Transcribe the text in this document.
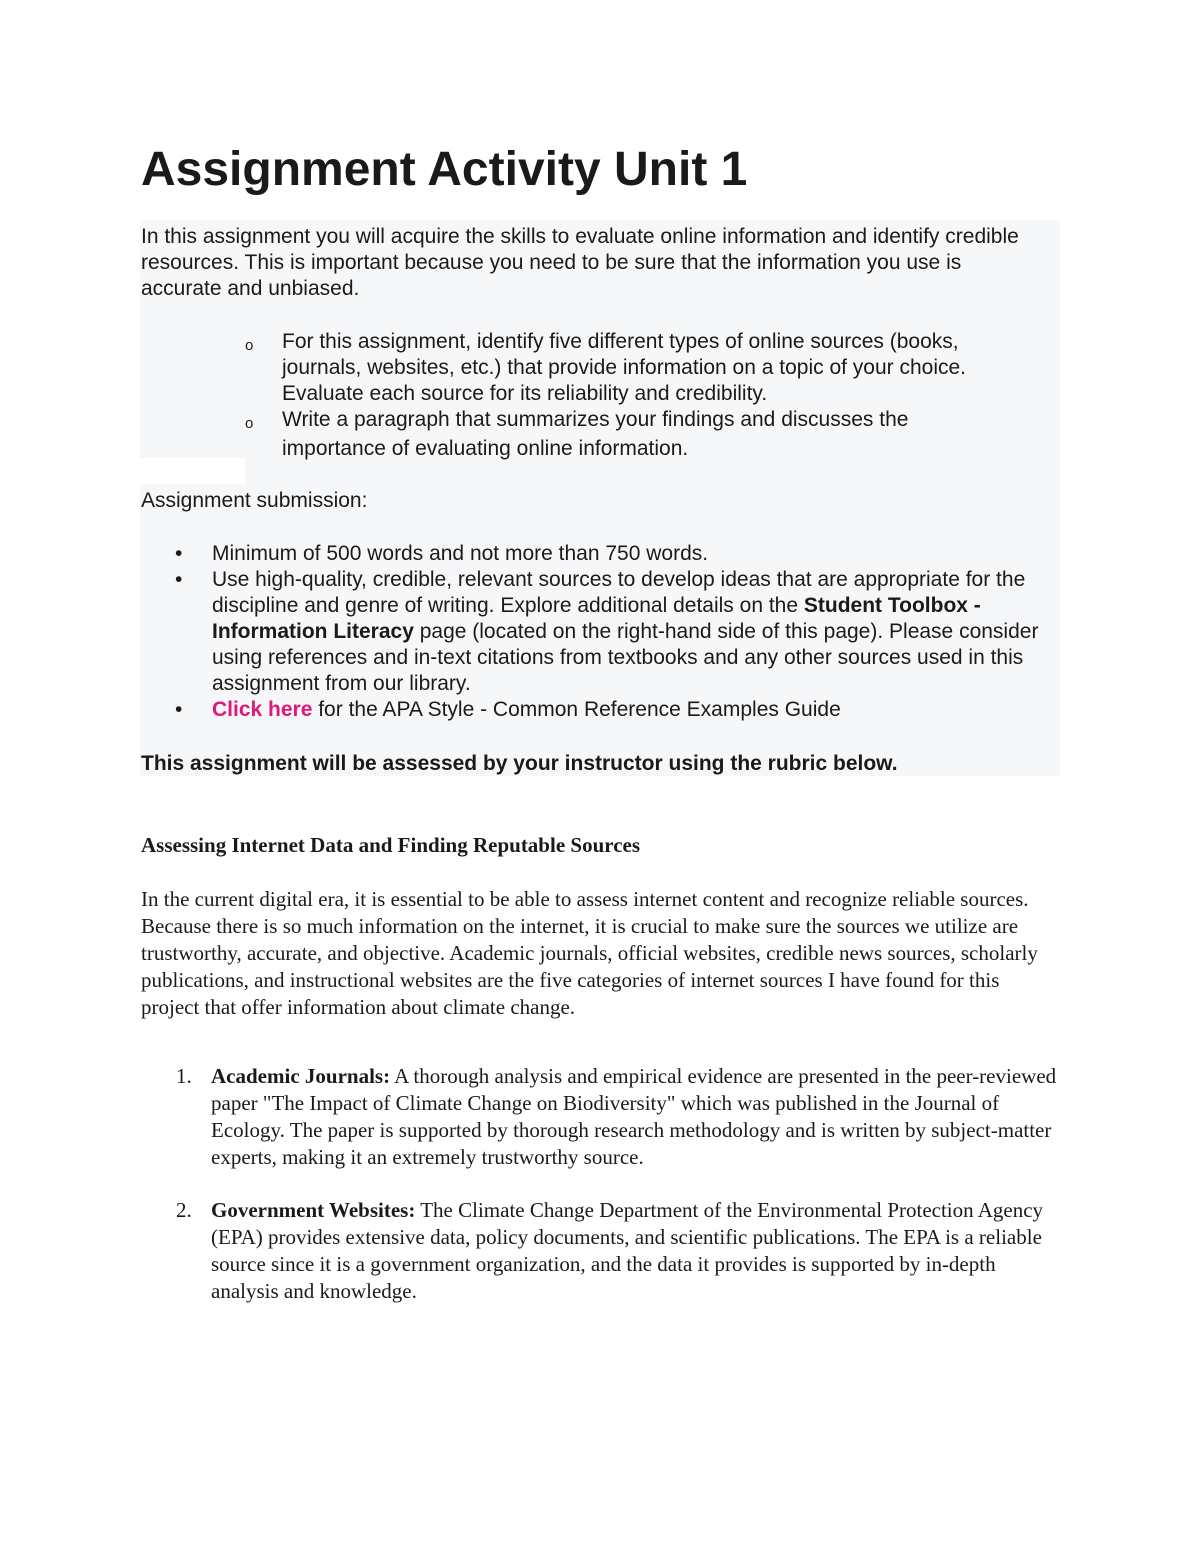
Assignment Activity Unit 1

In this assignment you will acquire the skills to evaluate online information and identify credible resources. This is important because you need to be sure that the information you use is accurate and unbiased.

o For this assignment, identify five different types of online sources (books, journals, websites, etc.) that provide information on a topic of your choice. Evaluate each source for its reliability and credibility.
o Write a paragraph that summarizes your findings and discusses the
importance of evaluating online information.

Assignment submission:

• Minimum of 500 words and not more than 750 words.
• Use high-quality, credible, relevant sources to develop ideas that are appropriate for the discipline and genre of writing. Explore additional details on the Student Toolbox - Information Literacy page (located on the right-hand side of this page). Please consider using references and in-text citations from textbooks and any other sources used in this assignment from our library.
• Click here for the APA Style - Common Reference Examples Guide

This assignment will be assessed by your instructor using the rubric below.

Assessing Internet Data and Finding Reputable Sources

In the current digital era, it is essential to be able to assess internet content and recognize reliable sources. Because there is so much information on the internet, it is crucial to make sure the sources we utilize are trustworthy, accurate, and objective. Academic journals, official websites, credible news sources, scholarly publications, and instructional websites are the five categories of internet sources I have found for this project that offer information about climate change.

1. Academic Journals: A thorough analysis and empirical evidence are presented in the peer-reviewed paper "The Impact of Climate Change on Biodiversity" which was published in the Journal of Ecology. The paper is supported by thorough research methodology and is written by subject-matter experts, making it an extremely trustworthy source.
2. Government Websites: The Climate Change Department of the Environmental Protection Agency (EPA) provides extensive data, policy documents, and scientific publications. The EPA is a reliable source since it is a government organization, and the data it provides is supported by in-depth analysis and knowledge.
